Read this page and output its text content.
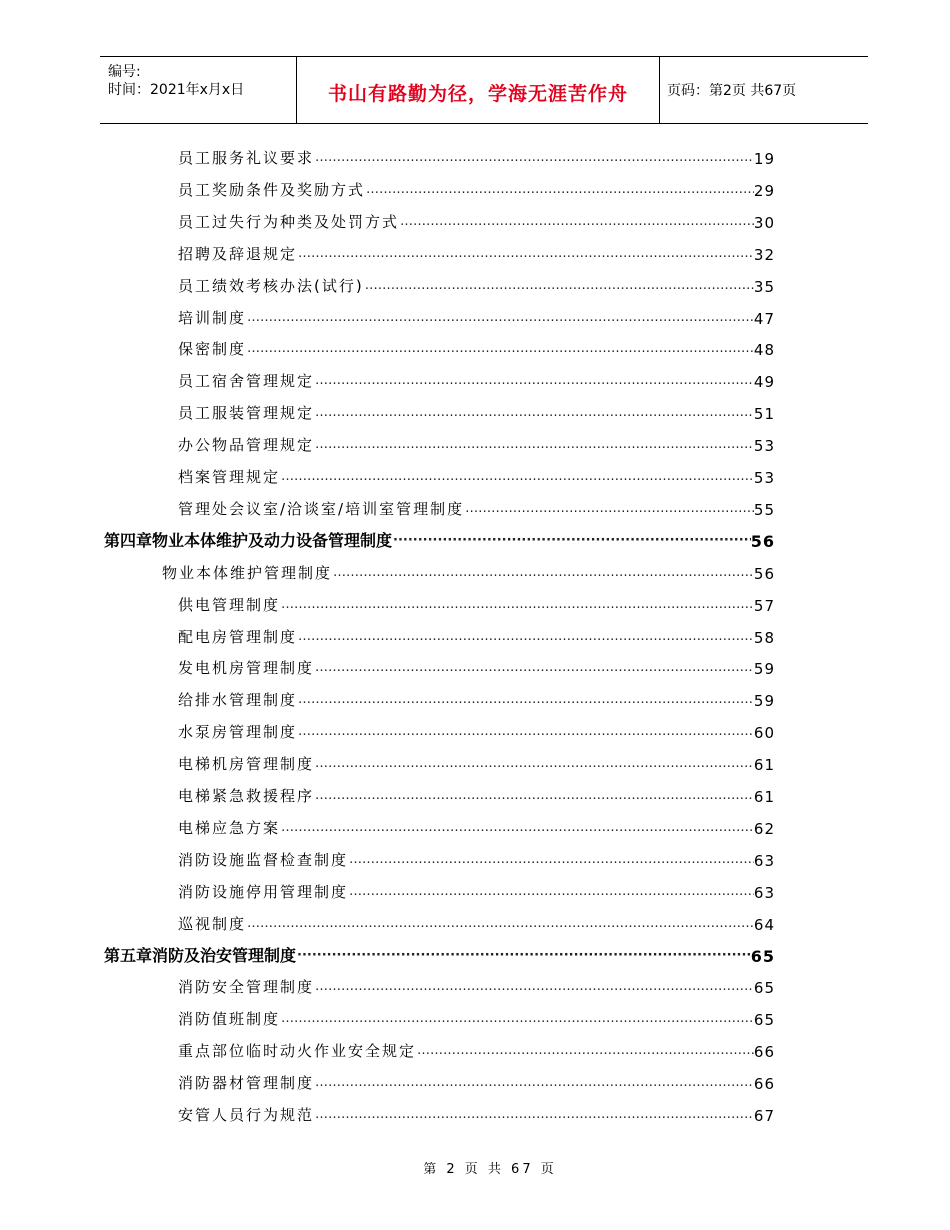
编号:
时间：2021年x月x日	书山有路勤为径，学海无涯苦作舟	页码：第2页 共67页
员工服务礼议要求 …………………………………………………………………………………………………………………………………………………………………………………………………………	19
员工奖励条件及奖励方式 …………………………………………………………………………………………………………………………………………………………………………………………………………	29
员工过失行为种类及处罚方式 …………………………………………………………………………………………………………………………………………………………………………………………………………	30
招聘及辞退规定 …………………………………………………………………………………………………………………………………………………………………………………………………………	32
员工绩效考核办法(试行) …………………………………………………………………………………………………………………………………………………………………………………………………………	35
培训制度 …………………………………………………………………………………………………………………………………………………………………………………………………………	47
保密制度 …………………………………………………………………………………………………………………………………………………………………………………………………………	48
员工宿舍管理规定 …………………………………………………………………………………………………………………………………………………………………………………………………………	49
员工服装管理规定 …………………………………………………………………………………………………………………………………………………………………………………………………………	51
办公物品管理规定 …………………………………………………………………………………………………………………………………………………………………………………………………………	53
档案管理规定 …………………………………………………………………………………………………………………………………………………………………………………………………………	53
管理处会议室/洽谈室/培训室管理制度 …………………………………………………………………………………………………………………………………………………………………………………………………………	55
第四章 物业本体维护及动力设备管理制度 ·····	56
物业本体维护管理制度 …………………………………………………………………………………………………………………………………………………………………………………………………………	56
供电管理制度 …………………………………………………………………………………………………………………………………………………………………………………………………………	57
配电房管理制度 …………………………………………………………………………………………………………………………………………………………………………………………………………	58
发电机房管理制度 …………………………………………………………………………………………………………………………………………………………………………………………………………	59
给排水管理制度 …………………………………………………………………………………………………………………………………………………………………………………………………………	59
水泵房管理制度 …………………………………………………………………………………………………………………………………………………………………………………………………………	60
电梯机房管理制度 …………………………………………………………………………………………………………………………………………………………………………………………………………	61
电梯紧急救援程序 …………………………………………………………………………………………………………………………………………………………………………………………………………	61
电梯应急方案 …………………………………………………………………………………………………………………………………………………………………………………………………………	62
消防设施监督检查制度 …………………………………………………………………………………………………………………………………………………………………………………………………………	63
消防设施停用管理制度 …………………………………………………………………………………………………………………………………………………………………………………………………………	63
巡视制度 …………………………………………………………………………………………………………………………………………………………………………………………………………	64
第五章 消防及治安管理制度 ·····	65
消防安全管理制度 …………………………………………………………………………………………………………………………………………………………………………………………………………	65
消防值班制度 …………………………………………………………………………………………………………………………………………………………………………………………………………	65
重点部位临时动火作业安全规定 …………………………………………………………………………………………………………………………………………………………………………………………………………	66
消防器材管理制度 …………………………………………………………………………………………………………………………………………………………………………………………………………	66
安管人员行为规范 …………………………………………………………………………………………………………………………………………………………………………………………………………	67
第 2 页 共 67 页
